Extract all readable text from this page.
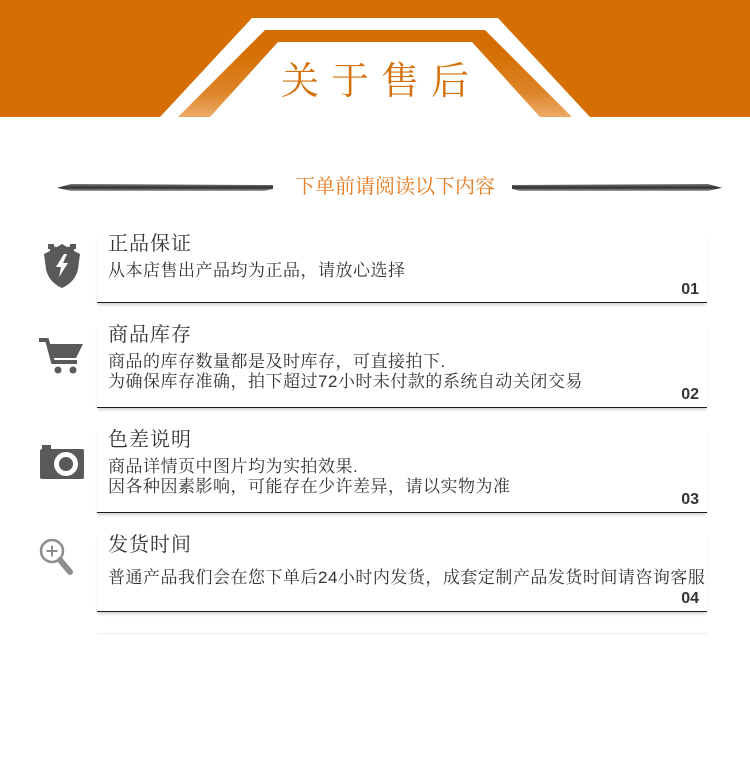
关于售后
下单前请阅读以下内容
正品保证
从本店售出产品均为正品，请放心选择
01
商品库存
商品的库存数量都是及时库存，可直接拍下.
为确保库存准确，拍下超过72小时未付款的系统自动关闭交易
02
色差说明
商品详情页中图片均为实拍效果.
因各种因素影响，可能存在少许差异，请以实物为准
03
发货时间
普通产品我们会在您下单后24小时内发货，成套定制产品发货时间请咨询客服
04
